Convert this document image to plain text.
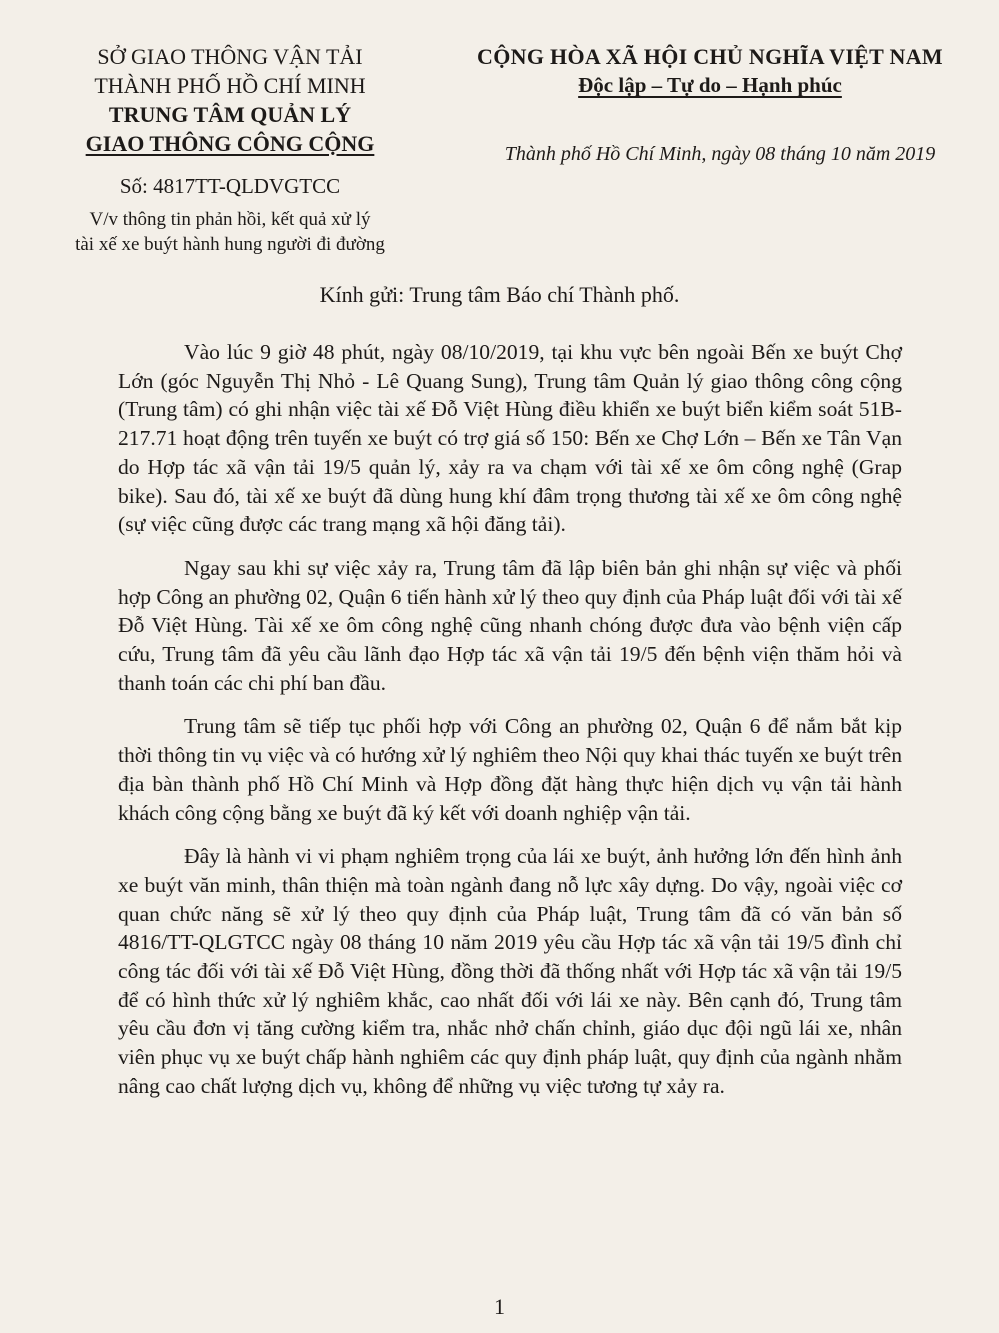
SỞ GIAO THÔNG VẬN TẢI
THÀNH PHỐ HỒ CHÍ MINH
TRUNG TÂM QUẢN LÝ
GIAO THÔNG CÔNG CỘNG
Số: 4817TT-QLDVGTCC
V/v thông tin phản hồi, kết quả xử lý
tài xế xe buýt hành hung người đi đường
CỘNG HÒA XÃ HỘI CHỦ NGHĨA VIỆT NAM
Độc lập – Tự do – Hạnh phúc
Thành phố Hồ Chí Minh, ngày 08 tháng 10 năm 2019
Kính gửi: Trung tâm Báo chí Thành phố.

Vào lúc 9 giờ 48 phút, ngày 08/10/2019, tại khu vực bên ngoài Bến xe buýt Chợ Lớn (góc Nguyễn Thị Nhỏ - Lê Quang Sung), Trung tâm Quản lý giao thông công cộng (Trung tâm) có ghi nhận việc tài xế Đỗ Việt Hùng điều khiển xe buýt biển kiểm soát 51B-217.71 hoạt động trên tuyến xe buýt có trợ giá số 150: Bến xe Chợ Lớn – Bến xe Tân Vạn do Hợp tác xã vận tải 19/5 quản lý, xảy ra va chạm với tài xế xe ôm công nghệ (Grap bike). Sau đó, tài xế xe buýt đã dùng hung khí đâm trọng thương tài xế xe ôm công nghệ (sự việc cũng được các trang mạng xã hội đăng tải).

Ngay sau khi sự việc xảy ra, Trung tâm đã lập biên bản ghi nhận sự việc và phối hợp Công an phường 02, Quận 6 tiến hành xử lý theo quy định của Pháp luật đối với tài xế Đỗ Việt Hùng. Tài xế xe ôm công nghệ cũng nhanh chóng được đưa vào bệnh viện cấp cứu, Trung tâm đã yêu cầu lãnh đạo Hợp tác xã vận tải 19/5 đến bệnh viện thăm hỏi và thanh toán các chi phí ban đầu.

Trung tâm sẽ tiếp tục phối hợp với Công an phường 02, Quận 6 để nắm bắt kịp thời thông tin vụ việc và có hướng xử lý nghiêm theo Nội quy khai thác tuyến xe buýt trên địa bàn thành phố Hồ Chí Minh và Hợp đồng đặt hàng thực hiện dịch vụ vận tải hành khách công cộng bằng xe buýt đã ký kết với doanh nghiệp vận tải.

Đây là hành vi vi phạm nghiêm trọng của lái xe buýt, ảnh hưởng lớn đến hình ảnh xe buýt văn minh, thân thiện mà toàn ngành đang nỗ lực xây dựng. Do vậy, ngoài việc cơ quan chức năng sẽ xử lý theo quy định của Pháp luật, Trung tâm đã có văn bản số 4816/TT-QLGTCC ngày 08 tháng 10 năm 2019 yêu cầu Hợp tác xã vận tải 19/5 đình chỉ công tác đối với tài xế Đỗ Việt Hùng, đồng thời đã thống nhất với Hợp tác xã vận tải 19/5 để có hình thức xử lý nghiêm khắc, cao nhất đối với lái xe này. Bên cạnh đó, Trung tâm yêu cầu đơn vị tăng cường kiểm tra, nhắc nhở chấn chỉnh, giáo dục đội ngũ lái xe, nhân viên phục vụ xe buýt chấp hành nghiêm các quy định pháp luật, quy định của ngành nhằm nâng cao chất lượng dịch vụ, không để những vụ việc tương tự xảy ra.

1
